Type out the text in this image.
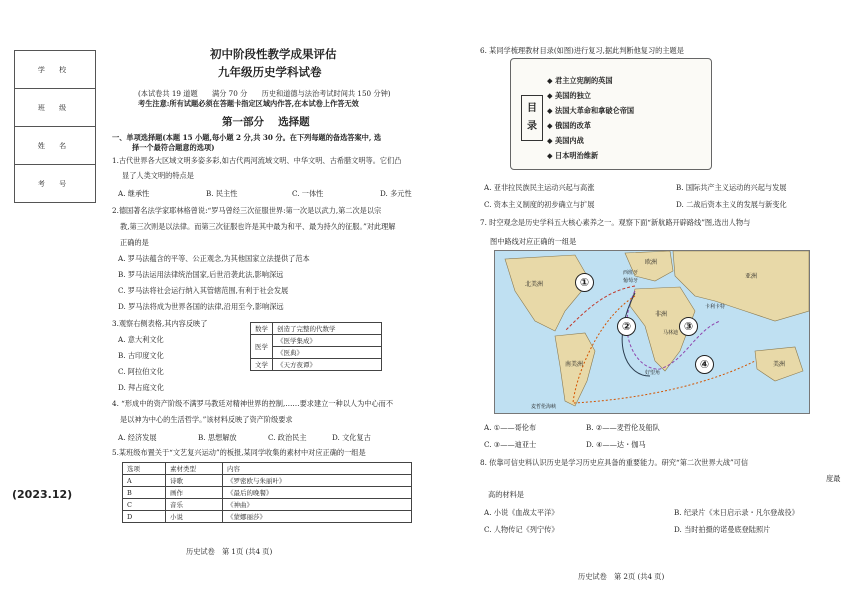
学 校
班 级
姓 名
考 号
(2023.12)
初中阶段性教学成果评估
九年级历史学科试卷
(本试卷共 19 道题　　满分 70 分　　历史和道德与法治考试时间共 150 分钟)
考生注意:所有试题必须在答题卡指定区域内作答,在本试卷上作答无效
第一部分　 选择题
一、单项选择题(本题 15 小题,每小题 2 分,共 30 分。在下列每题的备选答案中, 选
择一个最符合题意的选项)
1.古代世界各大区域文明多姿多彩,如古代两河流域文明、中华文明、古希腊文明等。它们凸
显了人类文明的特点是
A. 继承性	B. 民主性	C. 一体性	D. 多元性
2.德国著名法学家耶林格曾说:“罗马曾经三次征服世界:第一次是以武力,第二次是以宗
教,第三次则是以法律。而第三次征服也许是其中最为和平、最为持久的征服。”对此理解
正确的是
A. 罗马法蕴含的平等、公正观念,为其他国家立法提供了范本
B. 罗马法运用法律统治国家,后世沿袭此法,影响深远
C. 罗马法将社会运行纳入其管辖范围,有利于社会发展
D. 罗马法将成为世界各国的法律,沿用至今,影响深远
3.观察右侧表格,其内容反映了
A. 意大利文化
B. 古印度文化
C. 阿拉伯文化
D. 拜占庭文化
数学	创造了完整的代数学
医学	《医学集成》
	《医典》
文学	《天方夜谭》
4. “形成中的资产阶级不满罗马教廷对精神世界的控制,……要求建立一种以人为中心而不
是以神为中心的生活哲学。”该材料反映了资产阶级要求
A. 经济发展	B. 思想解放	C. 政治民主	D. 文化复古
5.某班级布置关于“文艺复兴运动”的板报,某同学收集的素材中对应正确的一组是
选项	素材类型	内容
A	诗歌	《罗密欧与朱丽叶》
B	画作	《最后的晚餐》
C	音乐	《神曲》
D	小说	《蒙娜丽莎》
历史试卷　第 1页 (共4 页)
6. 某同学梳理教材目录(如图)进行复习,据此判断他复习的主题是
目录
◆ 君主立宪制的英国
◆ 美国的独立
◆ 法国大革命和拿破仑帝国
◆ 俄国的改革
◆ 美国内战
◆ 日本明治维新
A. 亚非拉民族民主运动兴起与高涨	B. 国际共产主义运动的兴起与发展
C. 资本主义制度的初步确立与扩展	D. 二战后资本主义的发展与新变化
7. 时空观念是历史学科五大核心素养之一。观察下面“新航路开辟路线”图,选出人物与
图中路线对应正确的一组是
①
②	③
④
西班牙
葡萄牙
好望角
卡利卡特
马林迪
麦哲伦海峡
欧洲
亚洲
非洲
美洲
北美洲
南美洲
A. ①——哥伦布	B. ②——麦哲伦及船队
C. ③——迪亚士	D. ④——达・伽马
8. 依靠可信史料认识历史是学习历史应具备的重要能力。研究“第二次世界大战”可信
度最
高的材料是
A. 小说《血战太平洋》	B. 纪录片《末日启示录・凡尔登战役》
C. 人物传记《列宁传》	D. 当时拍摄的诺曼底登陆照片
历史试卷　第 2页 (共4 页)
